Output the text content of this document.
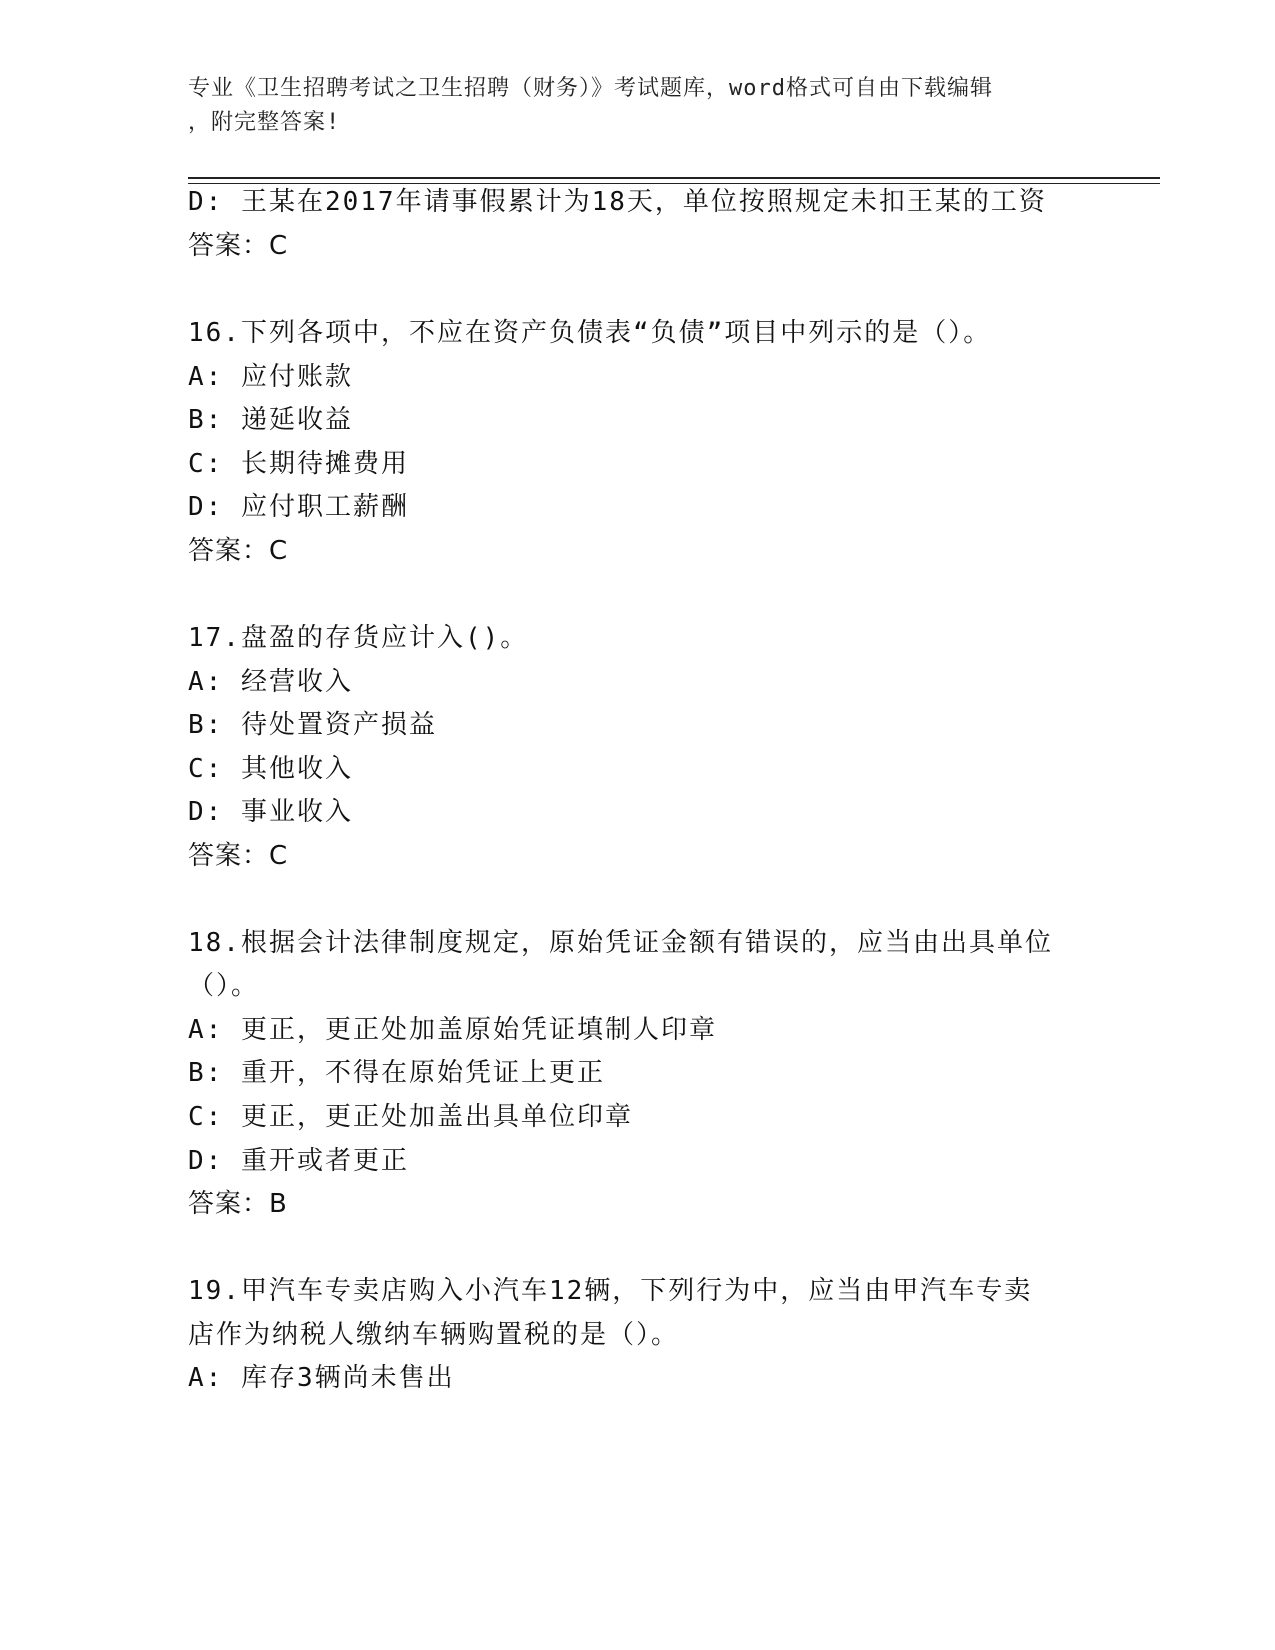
专业《卫生招聘考试之卫生招聘（财务）》考试题库，word格式可自由下载编辑
，附完整答案!
D: 王某在2017年请事假累计为18天，单位按照规定未扣王某的工资
答案：C
16.下列各项中，不应在资产负债表“负债”项目中列示的是（）。
A: 应付账款
B: 递延收益
C: 长期待摊费用
D: 应付职工薪酬
答案：C
17.盘盈的存货应计入()。
A: 经营收入
B: 待处置资产损益
C: 其他收入
D: 事业收入
答案：C
18.根据会计法律制度规定，原始凭证金额有错误的，应当由出具单位
（）。
A: 更正，更正处加盖原始凭证填制人印章
B: 重开，不得在原始凭证上更正
C: 更正，更正处加盖出具单位印章
D: 重开或者更正
答案：B
19.甲汽车专卖店购入小汽车12辆，下列行为中，应当由甲汽车专卖
店作为纳税人缴纳车辆购置税的是（）。
A: 库存3辆尚未售出
